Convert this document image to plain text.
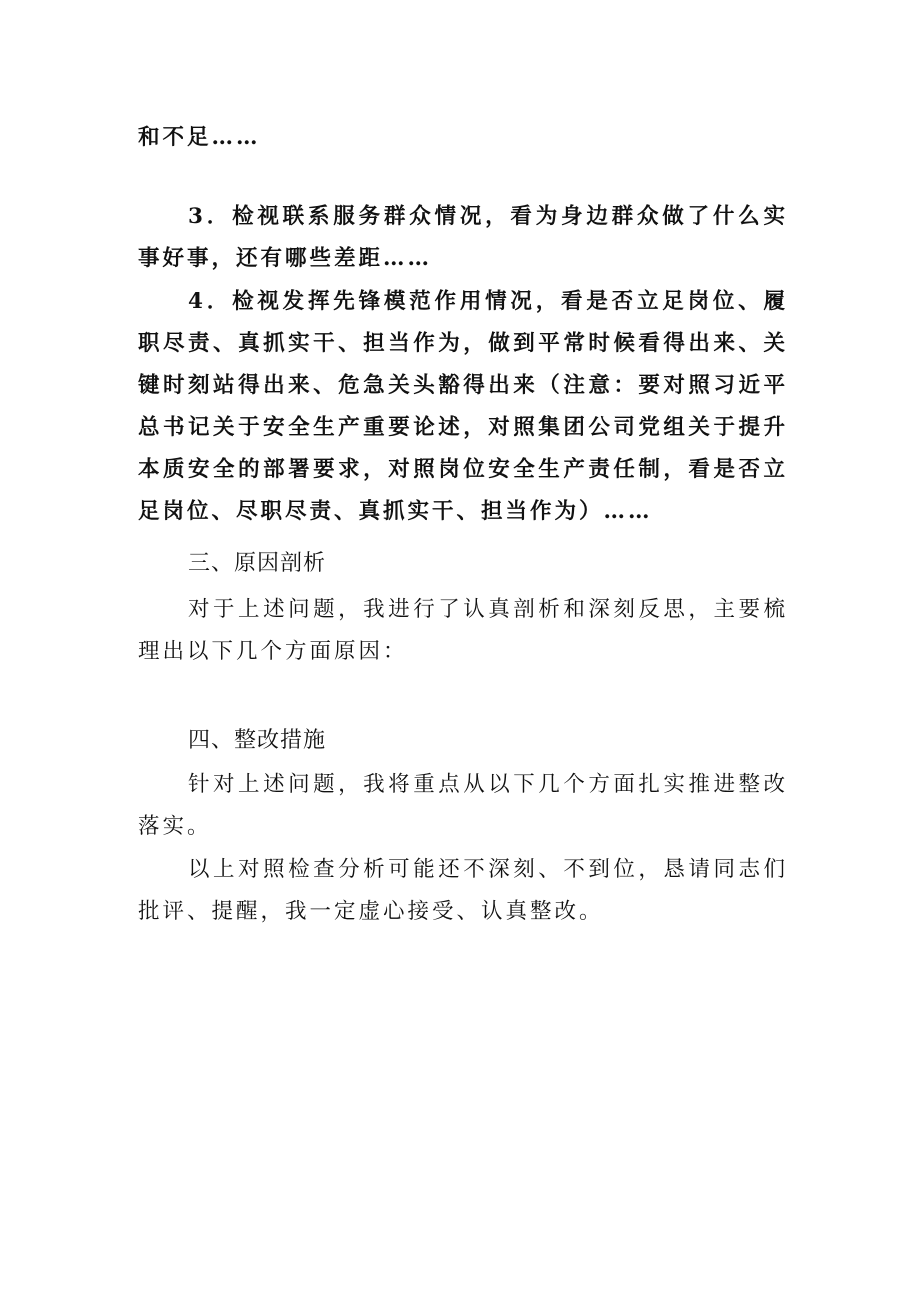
和不足……

3．检视联系服务群众情况，看为身边群众做了什么实事好事，还有哪些差距……

4．检视发挥先锋模范作用情况，看是否立足岗位、履职尽责、真抓实干、担当作为，做到平常时候看得出来、关键时刻站得出来、危急关头豁得出来（注意：要对照习近平总书记关于安全生产重要论述，对照集团公司党组关于提升本质安全的部署要求，对照岗位安全生产责任制，看是否立足岗位、尽职尽责、真抓实干、担当作为）……

三、原因剖析

对于上述问题，我进行了认真剖析和深刻反思，主要梳理出以下几个方面原因：

四、整改措施

针对上述问题，我将重点从以下几个方面扎实推进整改落实。

以上对照检查分析可能还不深刻、不到位，恳请同志们批评、提醒，我一定虚心接受、认真整改。
